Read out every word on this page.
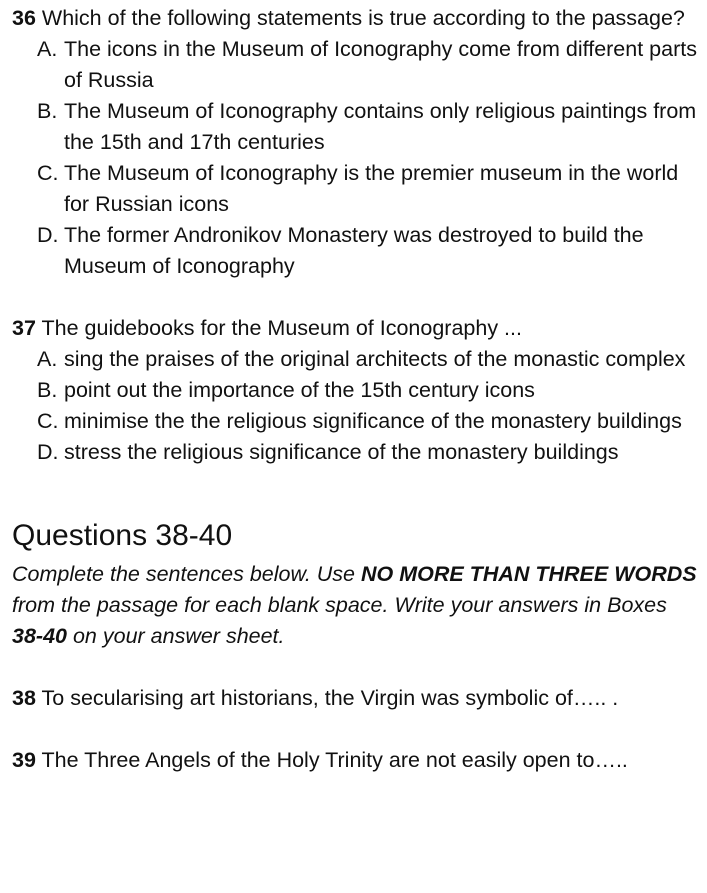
36 Which of the following statements is true according to the passage?

A. The icons in the Museum of Iconography come from different parts of Russia
B. The Museum of Iconography contains only religious paintings from the 15th and 17th centuries
C. The Museum of Iconography is the premier museum in the world for Russian icons
D. The former Andronikov Monastery was destroyed to build the Museum of Iconography

37 The guidebooks for the Museum of Iconography ...

A. sing the praises of the original architects of the monastic complex
B. point out the importance of the 15th century icons
C. minimise the the religious significance of the monastery buildings
D. stress the religious significance of the monastery buildings
Questions 38-40

Complete the sentences below. Use NO MORE THAN THREE WORDS from the passage for each blank space. Write your answers in Boxes 38-40 on your answer sheet.

38 To secularising art historians, the Virgin was symbolic of….. .

39 The Three Angels of the Holy Trinity are not easily open to…..
